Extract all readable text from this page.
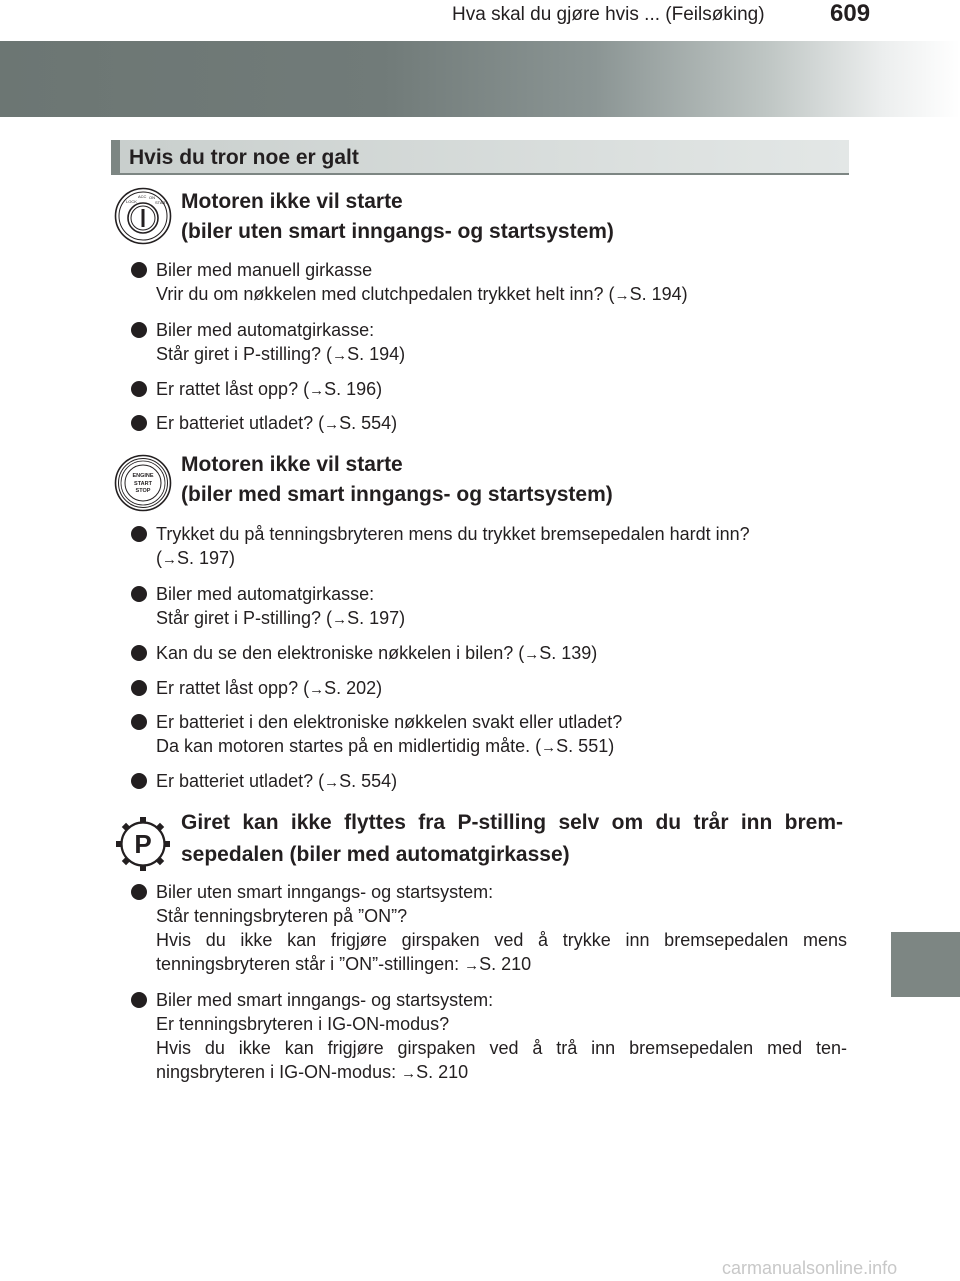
Hva skal du gjøre hvis ... (Feilsøking)	609
Hvis du tror noe er galt
LOCK
ACC ON
START Motoren ikke vil starte
(biler uten smart inngangs- og startsystem)
Biler med manuell girkasse
Vrir du om nøkkelen med clutchpedalen trykket helt inn? (→S. 194)
Biler med automatgirkasse:
Står giret i P-stilling? (→S. 194)
Er rattet låst opp? (→S. 196)
Er batteriet utladet? (→S. 554)
ENGINE
START
STOP
Motoren ikke vil starte
(biler med smart inngangs- og startsystem)
Trykket du på tenningsbryteren mens du trykket bremsepedalen hardt inn?
(→S. 197)
Biler med automatgirkasse:
Står giret i P-stilling? (→S. 197)
Kan du se den elektroniske nøkkelen i bilen? (→S. 139)
Er rattet låst opp? (→S. 202)
Er batteriet i den elektroniske nøkkelen svakt eller utladet?
Da kan motoren startes på en midlertidig måte. (→S. 551)
Er batteriet utladet? (→S. 554)
P
Giret kan ikke flyttes fra P-stilling selv om du trår inn brem-
sepedalen (biler med automatgirkasse)
Biler uten smart inngangs- og startsystem:
Står tenningsbryteren på ”ON”?
Hvis du ikke kan frigjøre girspaken ved å trykke inn bremsepedalen mens
tenningsbryteren står i ”ON”-stillingen: →S. 210
Biler med smart inngangs- og startsystem:
Er tenningsbryteren i IG-ON-modus?
Hvis du ikke kan frigjøre girspaken ved å trå inn bremsepedalen med ten-
ningsbryteren i IG-ON-modus: →S. 210
carmanualsonline.info
